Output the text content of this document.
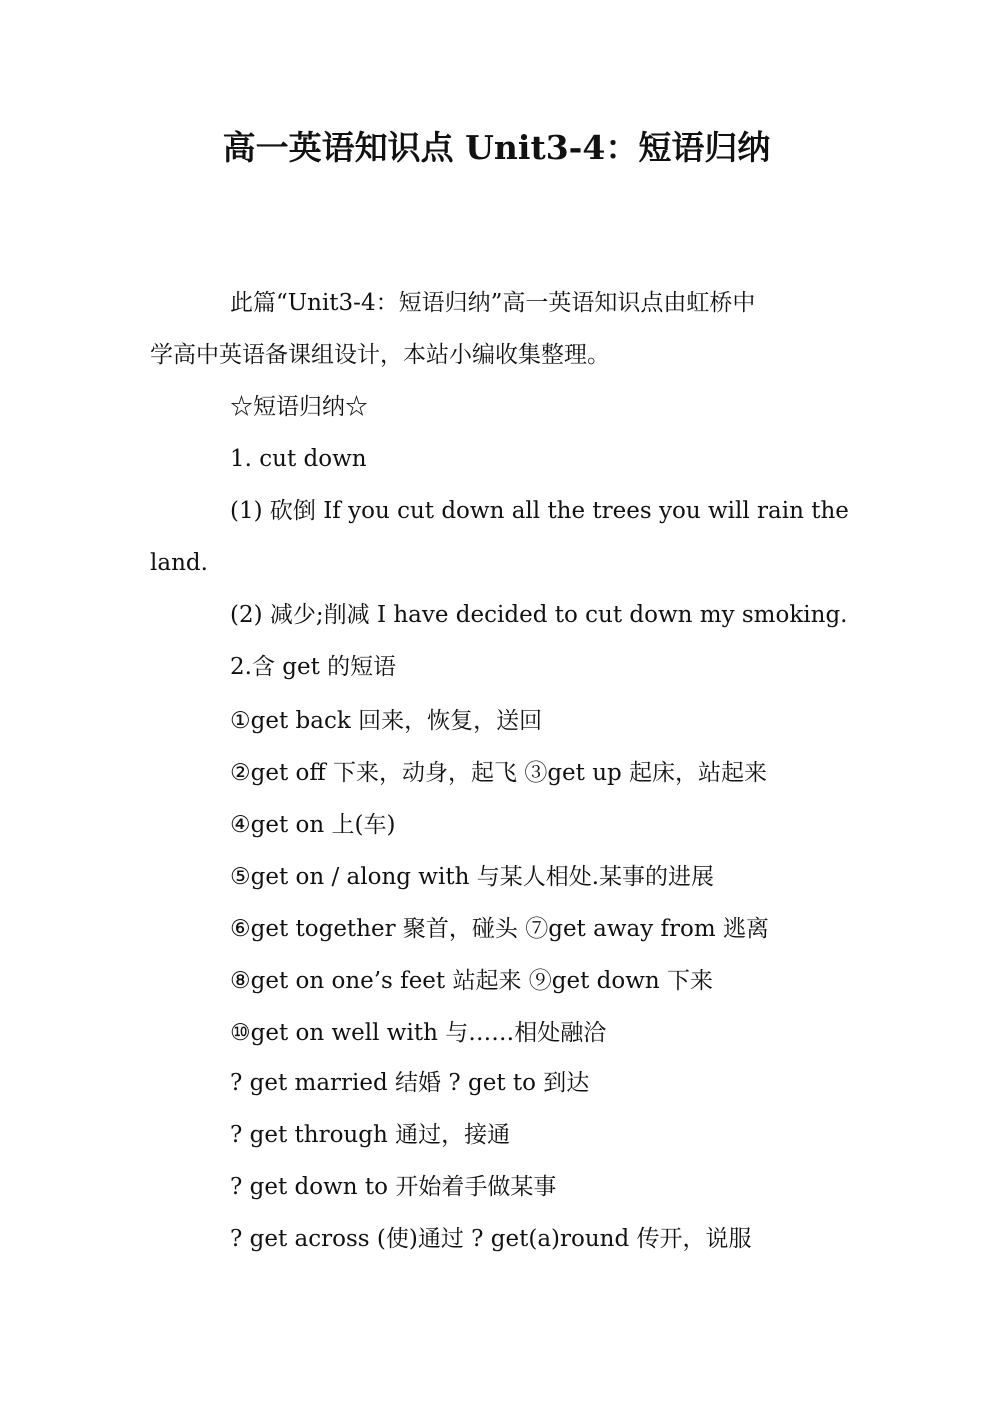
高一英语知识点 Unit3-4：短语归纳
此篇“Unit3-4：短语归纳”高一英语知识点由虹桥中
学高中英语备课组设计，本站小编收集整理。
☆短语归纳☆
1. cut down
(1) 砍倒 If you cut down all the trees you will rain the
land.
(2) 减少;削减 I have decided to cut down my smoking.
2.含 get 的短语
①get back 回来，恢复，送回
②get off 下来，动身，起飞 ③get up 起床，站起来
④get on 上(车)
⑤get on / along with 与某人相处.某事的进展
⑥get together 聚首，碰头 ⑦get away from 逃离
⑧get on one’s feet 站起来 ⑨get down 下来
⑩get on well with 与……相处融洽
? get married 结婚 ? get to 到达
? get through 通过，接通
? get down to 开始着手做某事
? get across (使)通过 ? get(a)round 传开，说服
